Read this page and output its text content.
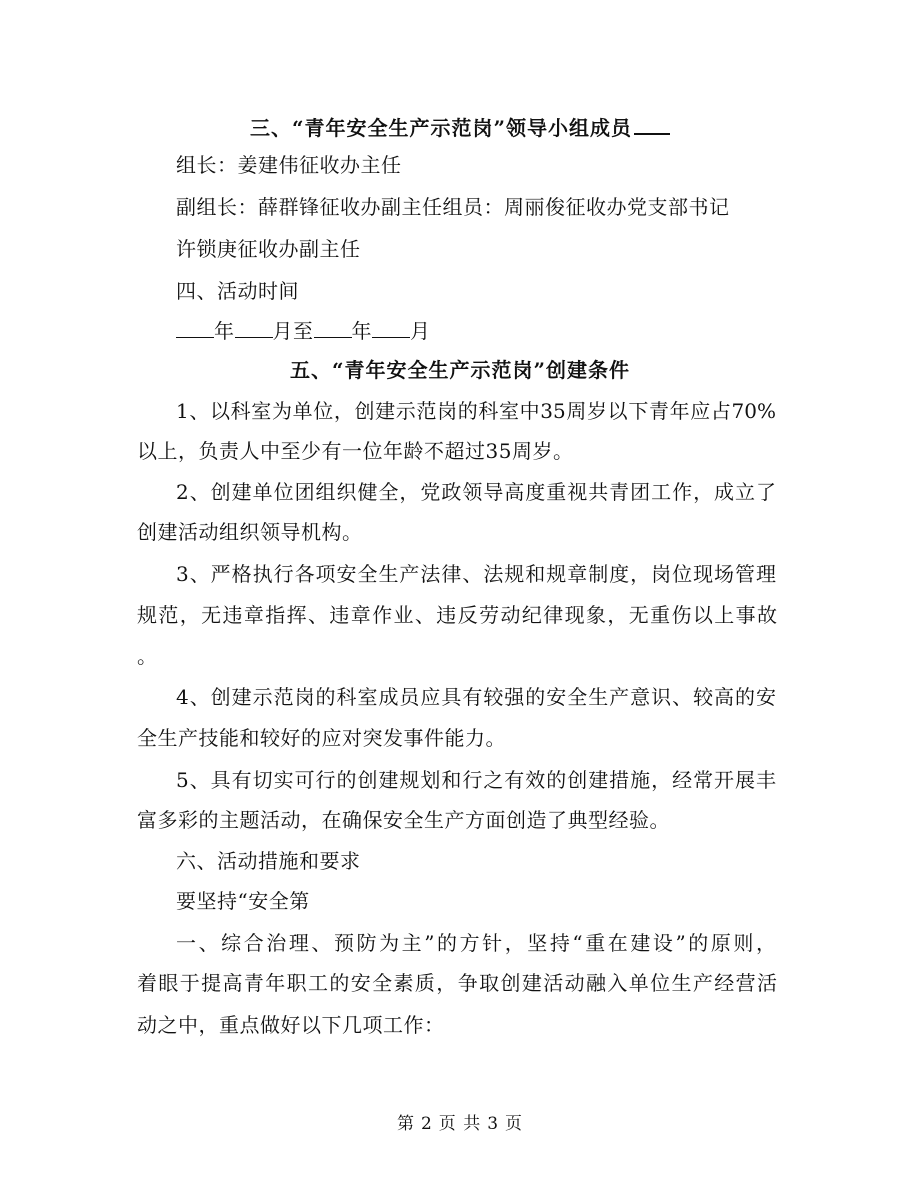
三、“青年安全生产示范岗”领导小组成员
组长：姜建伟征收办主任
副组长：薛群锋征收办副主任组员：周丽俊征收办党支部书记
许锁庚征收办副主任
四、活动时间
年 月至 年 月
五、“青年安全生产示范岗”创建条件
1、以科室为单位，创建示范岗的科室中35周岁以下青年应占70%
以上，负责人中至少有一位年龄不超过35周岁。
2、创建单位团组织健全，党政领导高度重视共青团工作，成立了
创建活动组织领导机构。
3、严格执行各项安全生产法律、法规和规章制度，岗位现场管理
规范，无违章指挥、违章作业、违反劳动纪律现象，无重伤以上事故
。
4、创建示范岗的科室成员应具有较强的安全生产意识、较高的安
全生产技能和较好的应对突发事件能力。
5、具有切实可行的创建规划和行之有效的创建措施，经常开展丰
富多彩的主题活动，在确保安全生产方面创造了典型经验。
六、活动措施和要求
要坚持“安全第
一、综合治理、预防为主”的方针，坚持“重在建设”的原则，
着眼于提高青年职工的安全素质，争取创建活动融入单位生产经营活
动之中，重点做好以下几项工作：
第 2 页 共 3 页
